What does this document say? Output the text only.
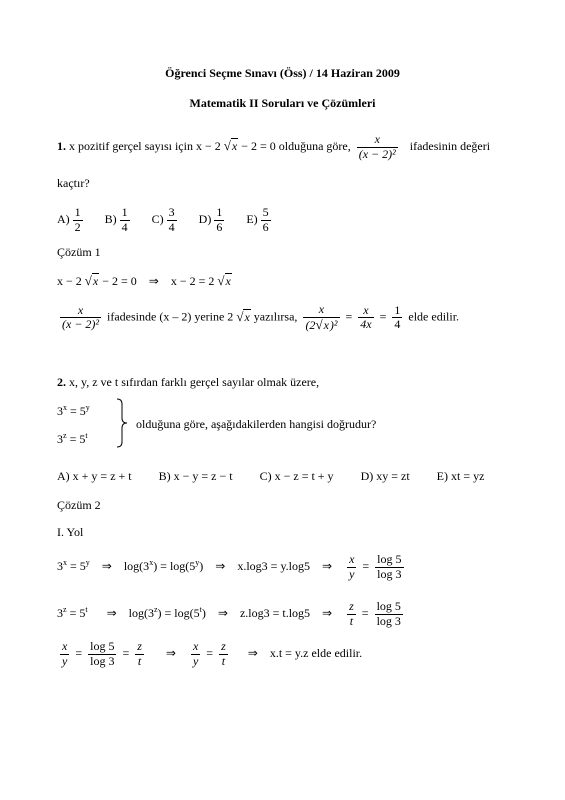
Öğrenci Seçme Sınavı (Öss) / 14 Haziran 2009
Matematik II Soruları ve Çözümleri
1. x pozitif gerçel sayısı için x − 2 √x − 2 = 0 olduğuna göre, $\frac{x}{\text{(x − 2)²}}$ ifadesinin değeri
kaçtır?
$A) \frac{1}{2} B) \frac{1}{4} C) \frac{3}{4} D) \frac{1}{6} E) \frac{5}{6}$
Çözüm 1
x − 2 √x − 2 = 0 ⇒ x − 2 = 2 √x
$\frac{x}{\text{(x − 2)²}}$ ifadesinde (x – 2) yerine 2 √x yazılırsa, $\frac{x}{\text{(2√x)²}} = \frac{x}{4x} = \frac{1}{4}$ elde edilir.
2. x, y, z ve t sıfırdan farklı gerçel sayılar olmak üzere,
$3^x = 5^y$
$3^z = 5^t$
olduğuna göre, aşağıdakilerden hangisi doğrudur?
A) x + y = z + t B) x − y = z − t C) x − z = t + y D) xy = zt E) xt = yz
Çözüm 2
I. Yol
$3^x = 5^y$ ⇒ $\log(3^x) = \log(5^y)$ ⇒ x.log3 = y.log5 ⇒ $\frac{x}{y} = \frac{\log 5}{\log 3}$
$3^z = 5^t$ ⇒ $\log(3^z) = \log(5^t)$ ⇒ z.log3 = t.log5 ⇒ $\frac{z}{t} = \frac{\log 5}{\log 3}$
$\frac{x}{y} = \frac{\log 5}{\log 3} = \frac{z}{t}$ ⇒ $\frac{x}{y} = \frac{z}{t}$ ⇒ x.t = y.z elde edilir.
